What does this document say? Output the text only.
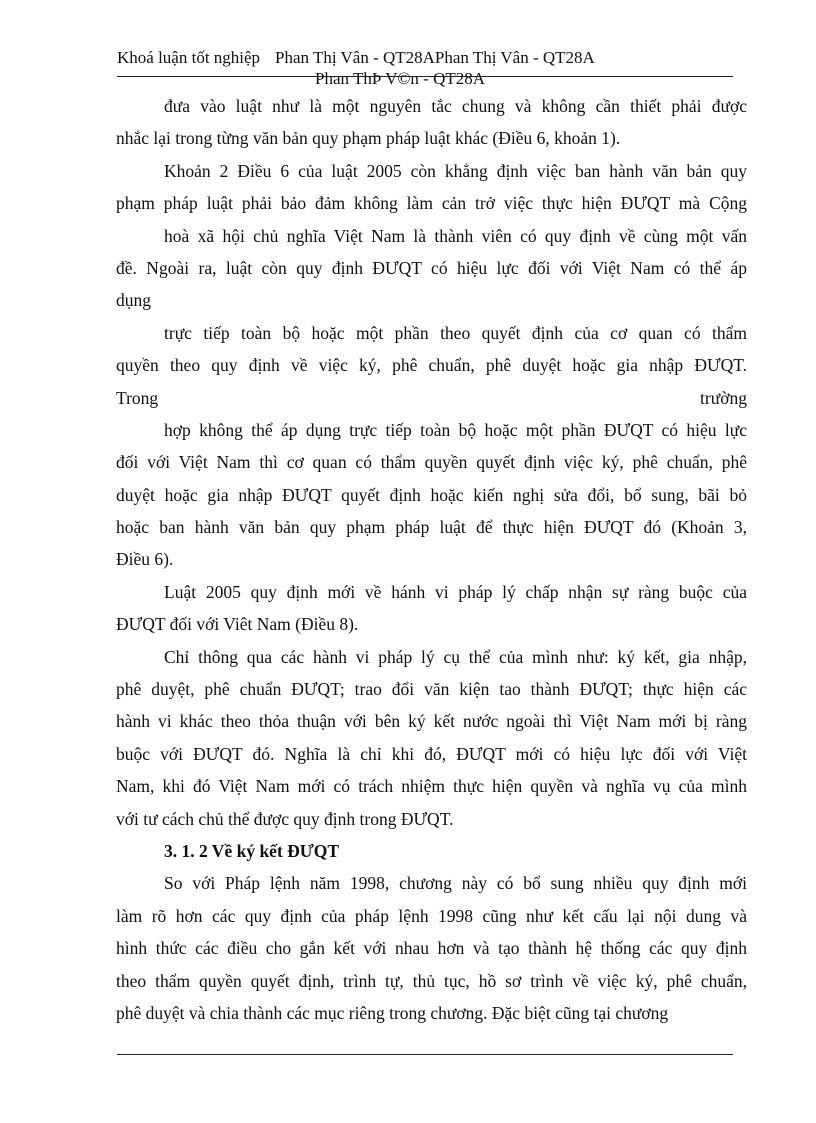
Khoá luận tốt nghiệp Phan Thị Vân - QT28APhan Thị Vân - QT28A
Phan ThÞ V©n - QT28A
đưa vào luật như là một nguyên tắc chung và không cần thiết phải được
nhắc lại trong từng văn bản quy phạm pháp luật khác (Điều 6, khoản 1).
Khoản 2 Điều 6 của luật 2005 còn khẳng định việc ban hành văn bản quy
phạm pháp luật phải bảo đảm không làm cản trở việc thực hiện ĐƯQT mà Cộng
hoà xã hội chủ nghĩa Việt Nam là thành viên có quy định về cùng một vấn
đề. Ngoài ra, luật còn quy định ĐƯQT có hiệu lực đối với Việt Nam có thể áp
dụng
trực tiếp toàn bộ hoặc một phần theo quyết định của cơ quan có thẩm
quyền theo quy định về việc ký, phê chuẩn, phê duyệt hoặc gia nhập ĐƯQT.
Trong trường
hợp không thể áp dụng trực tiếp toàn bộ hoặc một phần ĐƯQT có hiệu lực
đối với Việt Nam thì cơ quan có thẩm quyền quyết định việc ký, phê chuẩn, phê
duyệt hoặc gia nhập ĐƯQT quyết định hoặc kiến nghị sửa đổi, bổ sung, bãi bỏ
hoặc ban hành văn bản quy phạm pháp luật để thực hiện ĐƯQT đó (Khoản 3,
Điều 6).
Luật 2005 quy định mới về hánh vi pháp lý chấp nhận sự ràng buộc của
ĐƯQT đối với Viêt Nam (Điều 8).
Chỉ thông qua các hành vi pháp lý cụ thể của mình như: ký kết, gia nhập,
phê duyệt, phê chuẩn ĐƯQT; trao đổi văn kiện tao thành ĐƯQT; thực hiện các
hành vi khác theo thỏa thuận với bên ký kết nước ngoài thì Việt Nam mới bị ràng
buộc với ĐƯQT đó. Nghĩa là chỉ khi đó, ĐƯQT mới có hiệu lực đối với Việt
Nam, khi đó Việt Nam mới có trách nhiệm thực hiện quyền và nghĩa vụ của mình
với tư cách chủ thể được quy định trong ĐƯQT.
3. 1. 2 Về ký kết ĐƯQT
So với Pháp lệnh năm 1998, chương này có bổ sung nhiều quy định mới
làm rõ hơn các quy định của pháp lệnh 1998 cũng như kết cấu lại nội dung và
hình thức các điều cho gắn kết với nhau hơn và tạo thành hệ thống các quy định
theo thẩm quyền quyết định, trình tự, thủ tục, hồ sơ trình về việc ký, phê chuẩn,
phê duyệt và chia thành các mục riêng trong chương. Đặc biệt cũng tại chương
